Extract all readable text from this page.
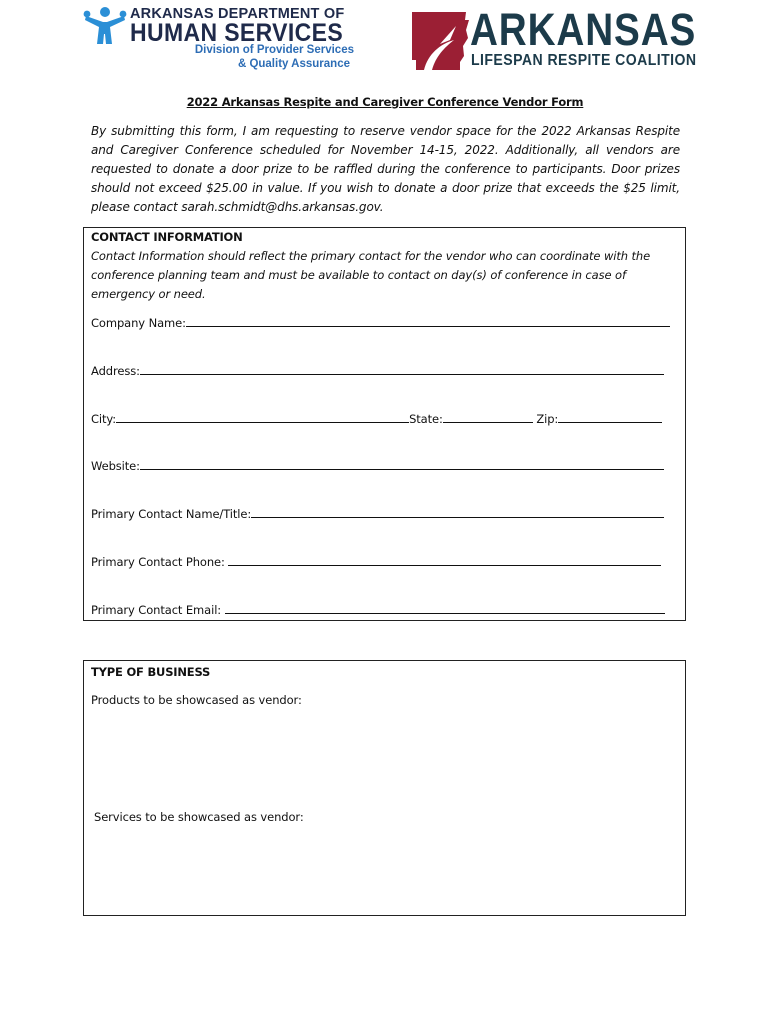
ARKANSAS DEPARTMENT OF
HUMAN SERVICES
Division of Provider Services
& Quality Assurance
ARKANSAS
LIFESPAN RESPITE COALITION
2022 Arkansas Respite and Caregiver Conference Vendor Form
By submitting this form, I am requesting to reserve vendor space for the 2022 Arkansas Respite and Caregiver Conference scheduled for November 14-15, 2022. Additionally, all vendors are requested to donate a door prize to be raffled during the conference to participants. Door prizes should not exceed $25.00 in value. If you wish to donate a door prize that exceeds the $25 limit, please contact sarah.schmidt@dhs.arkansas.gov.
CONTACT INFORMATION
Contact Information should reflect the primary contact for the vendor who can coordinate with the conference planning team and must be available to contact on day(s) of conference in case of emergency or need.
Company Name:
Address:
City:	State:	Zip:
Website:
Primary Contact Name/Title:
Primary Contact Phone:
Primary Contact Email:
TYPE OF BUSINESS
Products to be showcased as vendor:
Services to be showcased as vendor:
